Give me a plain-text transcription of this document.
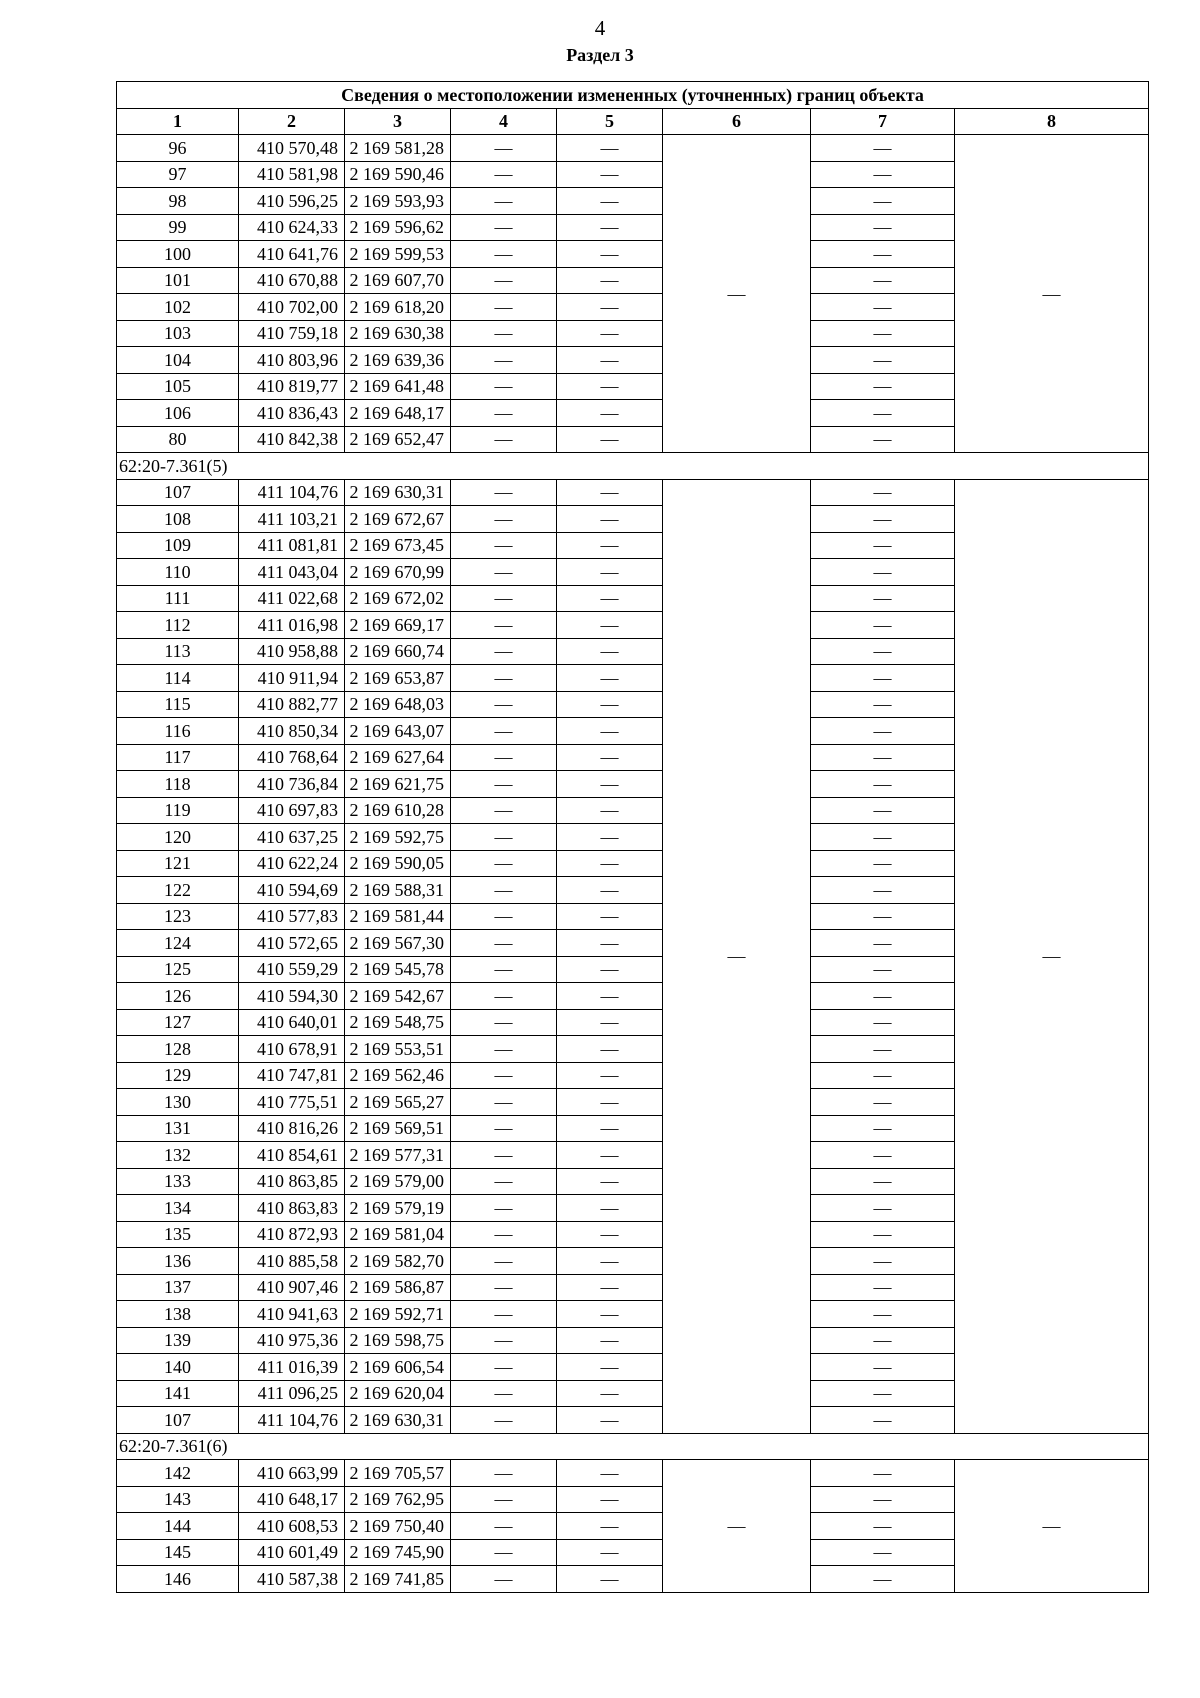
4
Раздел 3
Сведения о местоположении измененных (уточненных) границ объекта							
1	2	3	4	5	6	7	8
96	410 570,48	2 169 581,28	—	—	—	—	—
97	410 581,98	2 169 590,46	—	—		—	
98	410 596,25	2 169 593,93	—	—		—	
99	410 624,33	2 169 596,62	—	—		—	
100	410 641,76	2 169 599,53	—	—		—	
101	410 670,88	2 169 607,70	—	—		—	
102	410 702,00	2 169 618,20	—	—		—	
103	410 759,18	2 169 630,38	—	—		—	
104	410 803,96	2 169 639,36	—	—		—	
105	410 819,77	2 169 641,48	—	—		—	
106	410 836,43	2 169 648,17	—	—		—	
80	410 842,38	2 169 652,47	—	—		—	
62:20-7.361(5)							
107	411 104,76	2 169 630,31	—	—	—	—	—
108	411 103,21	2 169 672,67	—	—		—	
109	411 081,81	2 169 673,45	—	—		—	
110	411 043,04	2 169 670,99	—	—		—	
111	411 022,68	2 169 672,02	—	—		—	
112	411 016,98	2 169 669,17	—	—		—	
113	410 958,88	2 169 660,74	—	—		—	
114	410 911,94	2 169 653,87	—	—		—	
115	410 882,77	2 169 648,03	—	—		—	
116	410 850,34	2 169 643,07	—	—		—	
117	410 768,64	2 169 627,64	—	—		—	
118	410 736,84	2 169 621,75	—	—		—	
119	410 697,83	2 169 610,28	—	—		—	
120	410 637,25	2 169 592,75	—	—		—	
121	410 622,24	2 169 590,05	—	—		—	
122	410 594,69	2 169 588,31	—	—		—	
123	410 577,83	2 169 581,44	—	—		—	
124	410 572,65	2 169 567,30	—	—		—	
125	410 559,29	2 169 545,78	—	—		—	
126	410 594,30	2 169 542,67	—	—		—	
127	410 640,01	2 169 548,75	—	—		—	
128	410 678,91	2 169 553,51	—	—		—	
129	410 747,81	2 169 562,46	—	—		—	
130	410 775,51	2 169 565,27	—	—		—	
131	410 816,26	2 169 569,51	—	—		—	
132	410 854,61	2 169 577,31	—	—		—	
133	410 863,85	2 169 579,00	—	—		—	
134	410 863,83	2 169 579,19	—	—		—	
135	410 872,93	2 169 581,04	—	—		—	
136	410 885,58	2 169 582,70	—	—		—	
137	410 907,46	2 169 586,87	—	—		—	
138	410 941,63	2 169 592,71	—	—		—	
139	410 975,36	2 169 598,75	—	—		—	
140	411 016,39	2 169 606,54	—	—		—	
141	411 096,25	2 169 620,04	—	—		—	
107	411 104,76	2 169 630,31	—	—		—	
62:20-7.361(6)							
142	410 663,99	2 169 705,57	—	—	—	—	—
143	410 648,17	2 169 762,95	—	—		—	
144	410 608,53	2 169 750,40	—	—		—	
145	410 601,49	2 169 745,90	—	—		—	
146	410 587,38	2 169 741,85	—	—		—	
